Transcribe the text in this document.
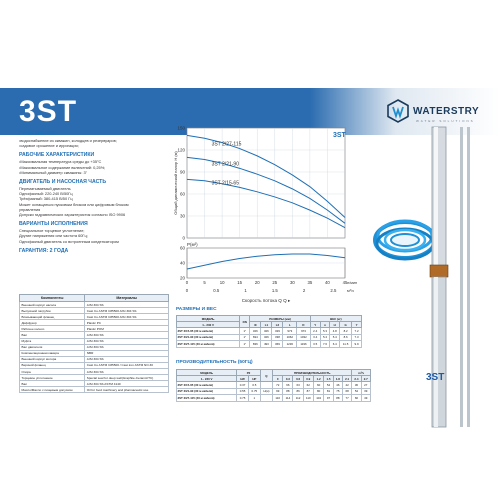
3ST	WATERSTRY
WATER SOLUTIONS
ПРИМЕНЕНИЕ
• водоснабжение из скважин, колодцев и резервуаров;
• садовое орошение и ирригация;
РАБОЧИЕ ХАРАКТЕРИСТИКИ
• Максимальная температура среды до +35°C
• Максимальное содержание включений: 0,25%;
• Минимальный диаметр скважины: 3"
ДВИГАТЕЛЬ И НАСОСНАЯ ЧАСТЬ
Перематываемый двигатель
Однофазный: 220-240 В/50Гц
Трёхфазный: 380-415 В/50 Гц
Может оснащаться пусковым блоком или цифровым блоком
управления
Допуски гидравлических характеристик согласно ISO 9906
ВАРИАНТЫ ИСПОЛНЕНИЯ
Специальное торцевое уплотнение;
Другие напряжения или частота 60Гц;
Однофазный двигатель со встроенным конденсатором
ГАРАНТИЯ: 2 ГОДА
0
30
60
90
120
150
Общий динамический напор H (м)
3ST
3ST 2/27-115
3ST 2/21-90
3ST 2/15-65
20
40
60
P(м²)
0	5	10	15	20	25	30	35	40	45 л/мин
0	0.5	1	1.5	2	2.5	м³/ч
Скорость потока Q Q ▸
3ST
Компоненты	Материалы
Внешний корпус насоса	AISI 304 SS
Выпускной патрубок	Cast Cu ASTM C85500 AISI 304 SS
Всасывающий фланец	Cast Cu ASTM C85500 AISI 304 SS
Диффузор	Plastic PC
Рабочее колесо	Plastic POM
Вал	AISI 304 SS
Муфта	AISI 304 SS
Вал двигателя	AISI 304 SS
Компенсационная камера	NBR
Внешний корпус мотора	AISI 304 SS
Верхний фланец	Cast Cu ASTM C85500 / Cast iron ASTM NO.30
Опора	AISI 304 SS
Торцевое уплотнение	Special seal for deep well(Graphite-Ceramic/TC)
Вал	AISI 304 SS ASTM 4140
Масло/Масло с пищевым допуском	Oil for food machinery and pharmaceutic use
РАЗМЕРЫ И ВЕС
МОДЕЛЬ	DN	РАЗМЕРЫ (мм)					ВЕС (кг)				
1~ 230 V		Ф	L1	L2	L	D	Y	n	H	G	Y
3ST 2/15-65 (30 м кабеля)	1"	326	326	329	973	973	2.4	5.3	4.8	8.2	7.2
3ST 2/21-90 (30 м кабеля)	1"	694	326	338	1062	1032	3.4	5.4	5.4	8.6	7.3
3ST 2/27-115 (40 м кабеля)	1"	836	493	369	1236	1196	3.5	7.6	6.4	11.5	9.9
ПРОИЗВОДИТЕЛЬНОСТЬ (50ГЦ)
МОДЕЛЬ	P2		Q	ПРОИЗВОДИТЕЛЬНОСТЬ								m³/ч	
1~ 230 V	kW	HP		0	0.3	0.6	0.9	1.2	1.5	1.8	2.1	2.4	2.7
3ST 2/15-65 (30 м кабеля)	0.37	0.5		72	66	63	62	60	54	46	42	36	27
3ST 2/21-90 (30 м кабеля)	0.55	0.75	Н(м)	99	88	86	87	80	81	75	68	54	39
3ST 2/27-115 (40 м кабеля)	0.75	1		110	114	112	110	104	97	88	77	66	49
